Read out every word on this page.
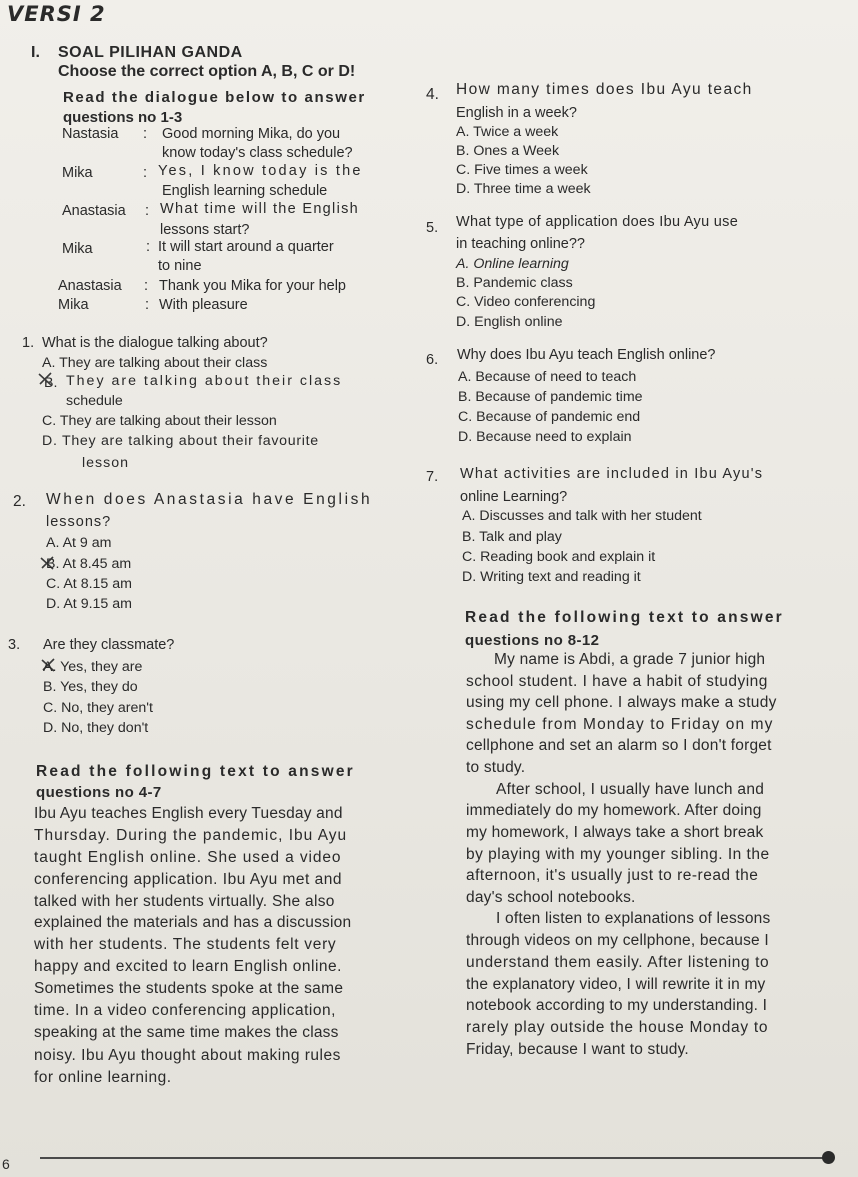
VERSI 2
I. SOAL PILIHAN GANDA
Choose the correct option A, B, C or D!
Read the dialogue below to answer
questions no 1-3
Nastasia : Good morning Mika, do you
know today's class schedule?
Mika	: Yes, I know today is the
English learning schedule
Anastasia : What time will the English
lessons start?
Mika	: It will start around a quarter
to nine
Anastasia : Thank you Mika for your help
Mika	: With pleasure
1. What is the dialogue talking about?
A. They are talking about their class
B. They are talking about their class
schedule
C. They are talking about their lesson
D. They are talking about their favourite
lesson
2. When does Anastasia have English
lessons?
A. At 9 am
B. At 8.45 am
C. At 8.15 am
D. At 9.15 am
3. Are they classmate?
A. Yes, they are
B. Yes, they do
C. No, they aren't
D. No, they don't
Read the following text to answer
questions no 4-7
Ibu Ayu teaches English every Tuesday and
Thursday. During the pandemic, Ibu Ayu
taught English online. She used a video
conferencing application. Ibu Ayu met and
talked with her students virtually. She also
explained the materials and has a discussion
with her students. The students felt very
happy and excited to learn English online.
Sometimes the students spoke at the same
time. In a video conferencing application,
speaking at the same time makes the class
noisy. Ibu Ayu thought about making rules
for online learning.
4. How many times does Ibu Ayu teach
English in a week?
A. Twice a week
B. Ones a Week
C. Five times a week
D. Three time a week
5. What type of application does Ibu Ayu use
in teaching online??
A. Online learning
B. Pandemic class
C. Video conferencing
D. English online
6. Why does Ibu Ayu teach English online?
A. Because of need to teach
B. Because of pandemic time
C. Because of pandemic end
D. Because need to explain
7. What activities are included in Ibu Ayu's
online Learning?
A. Discusses and talk with her student
B. Talk and play
C. Reading book and explain it
D. Writing text and reading it
Read the following text to answer
questions no 8-12
My name is Abdi, a grade 7 junior high
school student. I have a habit of studying
using my cell phone. I always make a study
schedule from Monday to Friday on my
cellphone and set an alarm so I don't forget
to study.
After school, I usually have lunch and
immediately do my homework. After doing
my homework, I always take a short break
by playing with my younger sibling. In the
afternoon, it's usually just to re-read the
day's school notebooks.
I often listen to explanations of lessons
through videos on my cellphone, because I
understand them easily. After listening to
the explanatory video, I will rewrite it in my
notebook according to my understanding. I
rarely play outside the house Monday to
Friday, because I want to study.
6
